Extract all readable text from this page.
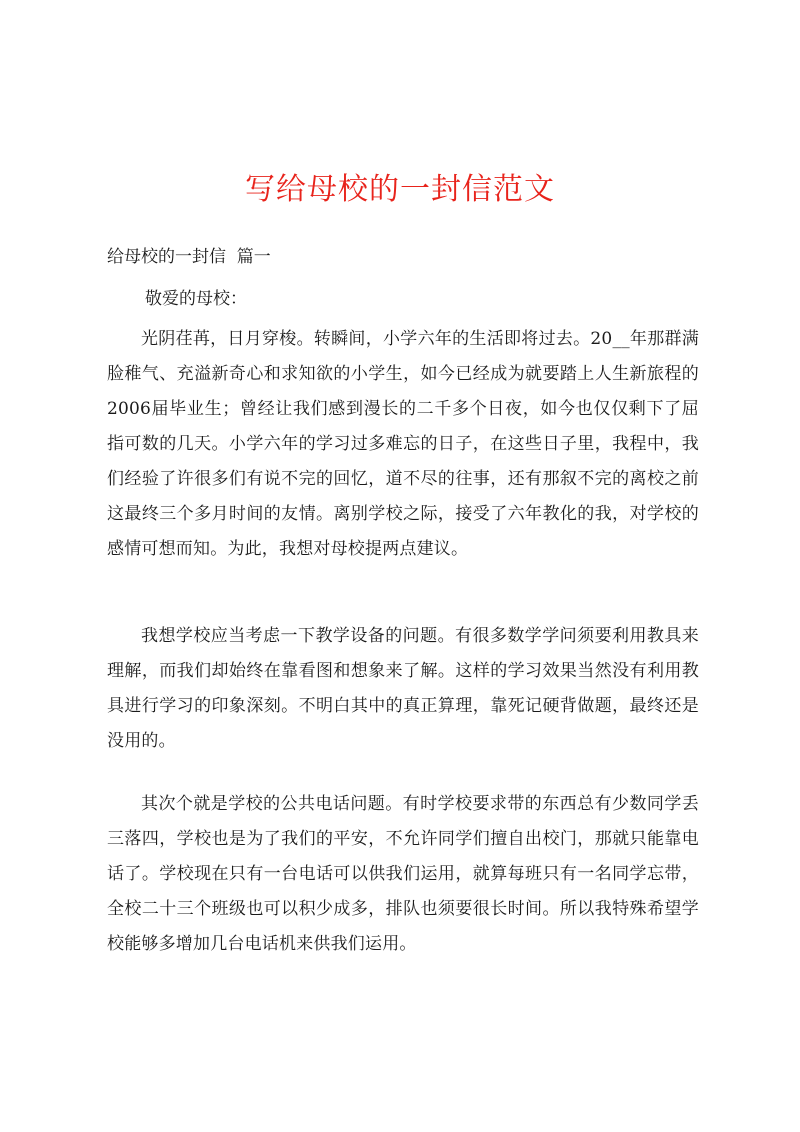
写给母校的一封信范文
给母校的一封信  篇一
敬爱的母校：

光阴荏苒，日月穿梭。转瞬间，小学六年的生活即将过去。20__年那群满脸稚气、充溢新奇心和求知欲的小学生，如今已经成为就要踏上人生新旅程的2006届毕业生；曾经让我们感到漫长的二千多个日夜，如今也仅仅剩下了屈指可数的几天。小学六年的学习过多难忘的日子，在这些日子里，我程中，我们经验了许很多们有说不完的回忆，道不尽的往事，还有那叙不完的离校之前这最终三个多月时间的友情。离别学校之际，接受了六年教化的我，对学校的感情可想而知。为此，我想对母校提两点建议。

我想学校应当考虑一下教学设备的问题。有很多数学学问须要利用教具来理解，而我们却始终在靠看图和想象来了解。这样的学习效果当然没有利用教具进行学习的印象深刻。不明白其中的真正算理，靠死记硬背做题，最终还是没用的。

其次个就是学校的公共电话问题。有时学校要求带的东西总有少数同学丢三落四，学校也是为了我们的平安，不允许同学们擅自出校门，那就只能靠电话了。学校现在只有一台电话可以供我们运用，就算每班只有一名同学忘带，全校二十三个班级也可以积少成多，排队也须要很长时间。所以我特殊希望学校能够多增加几台电话机来供我们运用。
